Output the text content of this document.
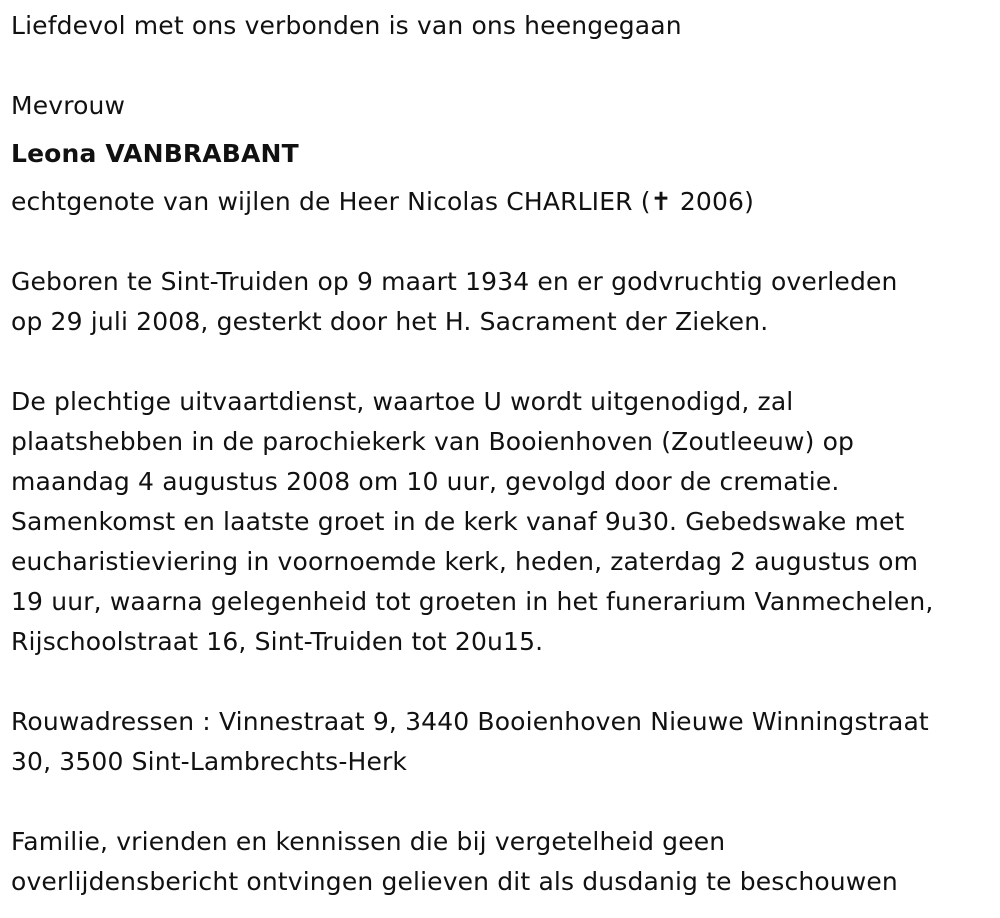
Liefdevol met ons verbonden is van ons heengegaan

Mevrouw

Leona VANBRABANT

echtgenote van wijlen de Heer Nicolas CHARLIER (✝ 2006)

Geboren te Sint-Truiden op 9 maart 1934 en er godvruchtig overleden

op 29 juli 2008, gesterkt door het H. Sacrament der Zieken.

De plechtige uitvaartdienst, waartoe U wordt uitgenodigd, zal

plaatshebben in de parochiekerk van Booienhoven (Zoutleeuw) op

maandag 4 augustus 2008 om 10 uur, gevolgd door de crematie.

Samenkomst en laatste groet in de kerk vanaf 9u30. Gebedswake met

eucharistieviering in voornoemde kerk, heden, zaterdag 2 augustus om

19 uur, waarna gelegenheid tot groeten in het funerarium Vanmechelen,

Rijschoolstraat 16, Sint-Truiden tot 20u15.

Rouwadressen : Vinnestraat 9, 3440 Booienhoven Nieuwe Winningstraat

30, 3500 Sint-Lambrechts-Herk

Familie, vrienden en kennissen die bij vergetelheid geen

overlijdensbericht ontvingen gelieven dit als dusdanig te beschouwen
